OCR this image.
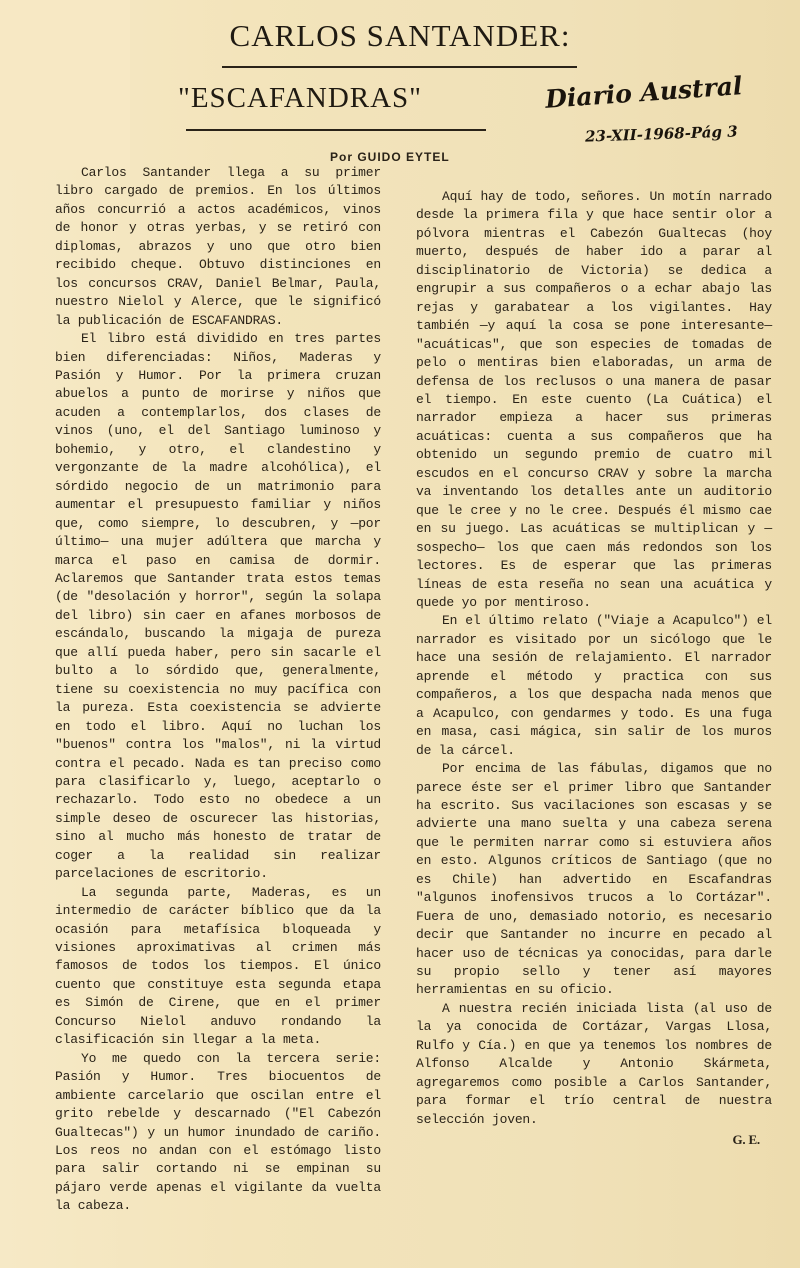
CARLOS SANTANDER:
"ESCAFANDRAS"
Por GUIDO EYTEL
Diario Austral
23-XII-1968-Pág 3

Carlos Santander llega a su primer libro cargado de premios. En los últimos años concurrió a actos académicos, vinos de honor y otras yerbas, y se retiró con diplomas, abrazos y uno que otro bien recibido cheque. Obtuvo distinciones en los concursos CRAV, Daniel Belmar, Paula, nuestro Nielol y Alerce, que le significó la publicación de ESCAFANDRAS.

El libro está dividido en tres partes bien diferenciadas: Niños, Maderas y Pasión y Humor. Por la primera cruzan abuelos a punto de morirse y niños que acuden a contemplarlos, dos clases de vinos (uno, el del Santiago luminoso y bohemio, y otro, el clandestino y vergonzante de la madre alcohólica), el sórdido negocio de un matrimonio para aumentar el presupuesto familiar y niños que, como siempre, lo descubren, y —por último— una mujer adúltera que marcha y marca el paso en camisa de dormir. Aclaremos que Santander trata estos temas (de "desolación y horror", según la solapa del libro) sin caer en afanes morbosos de escándalo, buscando la migaja de pureza que allí pueda haber, pero sin sacarle el bulto a lo sórdido que, generalmente, tiene su coexistencia no muy pacífica con la pureza. Esta coexistencia se advierte en todo el libro. Aquí no luchan los "buenos" contra los "malos", ni la virtud contra el pecado. Nada es tan preciso como para clasificarlo y, luego, aceptarlo o rechazarlo. Todo esto no obedece a un simple deseo de oscurecer las historias, sino al mucho más honesto de tratar de coger a la realidad sin realizar parcelaciones de escritorio.

La segunda parte, Maderas, es un intermedio de carácter bíblico que da la ocasión para metafísica bloqueada y visiones aproximativas al crimen más famosos de todos los tiempos. El único cuento que constituye esta segunda etapa es Simón de Cirene, que en el primer Concurso Nielol anduvo rondando la clasificación sin llegar a la meta.

Yo me quedo con la tercera serie: Pasión y Humor. Tres biocuentos de ambiente carcelario que oscilan entre el grito rebelde y descarnado ("El Cabezón Gualtecas") y un humor inundado de cariño. Los reos no andan con el estómago listo para salir cortando ni se empinan su pájaro verde apenas el vigilante da vuelta la cabeza.

Aquí hay de todo, señores. Un motín narrado desde la primera fila y que hace sentir olor a pólvora mientras el Cabezón Gualtecas (hoy muerto, después de haber ido a parar al disciplinatorio de Victoria) se dedica a engrupir a sus compañeros o a echar abajo las rejas y garabatear a los vigilantes. Hay también —y aquí la cosa se pone interesante— "acuáticas", que son especies de tomadas de pelo o mentiras bien elaboradas, un arma de defensa de los reclusos o una manera de pasar el tiempo. En este cuento (La Cuática) el narrador empieza a hacer sus primeras acuáticas: cuenta a sus compañeros que ha obtenido un segundo premio de cuatro mil escudos en el concurso CRAV y sobre la marcha va inventando los detalles ante un auditorio que le cree y no le cree. Después él mismo cae en su juego. Las acuáticas se multiplican y —sospecho— los que caen más redondos son los lectores. Es de esperar que las primeras líneas de esta reseña no sean una acuática y quede yo por mentiroso.

En el último relato ("Viaje a Acapulco") el narrador es visitado por un sicólogo que le hace una sesión de relajamiento. El narrador aprende el método y practica con sus compañeros, a los que despacha nada menos que a Acapulco, con gendarmes y todo. Es una fuga en masa, casi mágica, sin salir de los muros de la cárcel.

Por encima de las fábulas, digamos que no parece éste ser el primer libro que Santander ha escrito. Sus vacilaciones son escasas y se advierte una mano suelta y una cabeza serena que le permiten narrar como si estuviera años en esto. Algunos críticos de Santiago (que no es Chile) han advertido en Escafandras "algunos inofensivos trucos a lo Cortázar". Fuera de uno, demasiado notorio, es necesario decir que Santander no incurre en pecado al hacer uso de técnicas ya conocidas, para darle su propio sello y tener así mayores herramientas en su oficio.

A nuestra recién iniciada lista (al uso de la ya conocida de Cortázar, Vargas Llosa, Rulfo y Cía.) en que ya tenemos los nombres de Alfonso Alcalde y Antonio Skármeta, agregaremos como posible a Carlos Santander, para formar el trío central de nuestra selección joven.

G. E.
